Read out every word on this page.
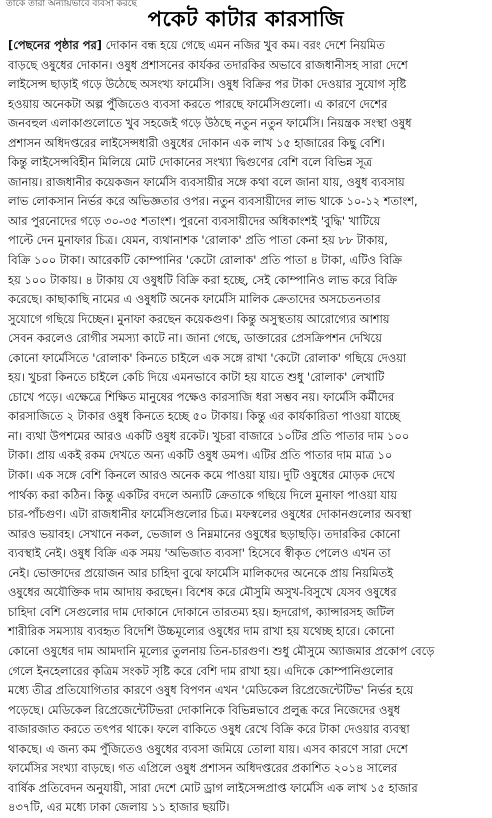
তাকে তারা অন্যায়ভাবে ব্যবসা করছে
পকেট কাটার কারসাজি
[পেছনের পৃষ্ঠার পর] দোকান বন্ধ হয়ে গেছে এমন নজির খুব কম। বরং দেশে নিয়মিত
বাড়ছে ওষুধের দোকান। ওষুধ প্রশাসনের কার্যকর তদারকির অভাবে রাজধানীসহ সারা দেশে
লাইসেন্স ছাড়াই গড়ে উঠেছে অসংখ্য ফার্মেসি। ওষুধ বিক্রির পর টাকা দেওয়ার সুযোগ সৃষ্টি
হওয়ায় অনেকটা অল্প পুঁজিতেও ব্যবসা করতে পারছে ফার্মেসিগুলো। এ কারণে দেশের
জনবহুল এলাকাগুলোতে খুব সহজেই গড়ে উঠছে নতুন নতুন ফার্মেসি। নিয়ন্ত্রক সংস্থা ওষুধ
প্রশাসন অধিদপ্তরের লাইসেন্সধারী ওষুধের দোকান এক লাখ ১৫ হাজারের কিছু বেশি।
কিন্তু লাইসেন্সবিহীন মিলিয়ে মোট দোকানের সংখ্যা দ্বিগুণের বেশি বলে বিভিন্ন সূত্র
জানায়। রাজধানীর কয়েকজন ফার্মেসি ব্যবসায়ীর সঙ্গে কথা বলে জানা যায়, ওষুধ ব্যবসায়
লাভ লোকসান নির্ভর করে অভিজ্ঞতার ওপর। নতুন ব্যবসায়ীদের লাভ থাকে ১০-১২ শতাংশ,
আর পুরনোদের গড়ে ৩০-৩৫ শতাংশ। পুরনো ব্যবসায়ীদের অধিকাংশই 'বুদ্ধি' খাটিয়ে
পাল্টে দেন মুনাফার চিত্র। যেমন, ব্যথানাশক 'রোলাক' প্রতি পাতা কেনা হয় ৮৮ টাকায়,
বিক্রি ১০০ টাকা। আরেকটি কোম্পানির 'কেটো রোলাক' প্রতি পাতা ৪ টাকা, এটিও বিক্রি
হয় ১০০ টাকায়। ৪ টাকায় যে ওষুধটি বিক্রি করা হচ্ছে, সেই কোম্পানিও লাভ করে বিক্রি
করেছে। কাছাকাছি নামের এ ওষুধটি অনেক ফার্মেসি মালিক ক্রেতাদের অসচেতনতার
সুযোগে গছিয়ে দিচ্ছেন। মুনাফা করছেন কয়েকগুণ। কিন্তু অসুস্থতায় আরোগ্যের আশায়
সেবন করলেও রোগীর সমস্যা কাটে না। জানা গেছে, ডাক্তারের প্রেসক্রিপশন দেখিয়ে
কোনো ফার্মেসিতে 'রোলাক' কিনতে চাইলে এক সঙ্গে রাখা 'কেটো রোলাক' গছিয়ে দেওয়া
হয়। খুচরা কিনতে চাইলে কেচি দিয়ে এমনভাবে কাটা হয় যাতে শুধু 'রোলাক' লেখাটি
চোখে পড়ে। এক্ষেত্রে শিক্ষিত মানুষের পক্ষেও কারসাজি ধরা সম্ভব নয়। ফার্মেসি কর্মীদের
কারসাজিতে ২ টাকার ওষুধ কিনতে হচ্ছে ৫০ টাকায়। কিন্তু এর কার্যকারিতা পাওয়া যাচ্ছে
না। ব্যথা উপশমের আরও একটি ওষুধ রকেট। খুচরা বাজারে ১০টির প্রতি পাতার দাম ১০০
টাকা। প্রায় একই রকম দেখতে অন্য একটি ওষুধ ডমপ। এটির প্রতি পাতার দাম মাত্র ১০
টাকা। এক সঙ্গে বেশি কিনলে আরও অনেক কমে পাওয়া যায়। দুটি ওষুধের মোড়ক দেখে
পার্থক্য করা কঠিন। কিন্তু একটির বদলে অন্যটি ক্রেতাকে গছিয়ে দিলে মুনাফা পাওয়া যায়
চার-পাঁচগুণ। এটা রাজধানীর ফার্মেসিগুলোর চিত্র। মফস্বলের ওষুধের দোকানগুলোর অবস্থা
আরও ভয়াবহ। সেখানে নকল, ভেজাল ও নিম্নমানের ওষুধের ছড়াছড়ি। তদারকির কোনো
ব্যবস্থাই নেই। ওষুধ বিক্রি এক সময় 'অভিজাত ব্যবসা' হিসেবে স্বীকৃত পেলেও এখন তা
নেই। ভোক্তাদের প্রয়োজন আর চাহিদা বুঝে ফার্মেসি মালিকদের অনেকে প্রায় নিয়মিতই
ওষুধের অযৌক্তিক দাম আদায় করছেন। বিশেষ করে মৌসুমি অসুখ-বিসুখে যেসব ওষুধের
চাহিদা বেশি সেগুলোর দাম দোকানে দোকানে তারতম্য হয়। হৃদরোগ, ক্যান্সারসহ জটিল
শারীরিক সমস্যায় ব্যবহৃত বিদেশি উচ্চমূল্যের ওষুধের দাম রাখা হয় যথেচ্ছ হারে। কোনো
কোনো ওষুধের দাম আমদানি মূল্যের তুলনায় তিন-চারগুণ। শুধু মৌসুমে অ্যাজমার প্রকোপ বেড়ে
গেলে ইনহেলারের কৃত্রিম সংকট সৃষ্টি করে বেশি দাম রাখা হয়। এদিকে কোম্পানিগুলোর
মধ্যে তীব্র প্রতিযোগিতার কারণে ওষুধ বিপণন এখন 'মেডিকেল রিপ্রেজেন্টেটিভ' নির্ভর হয়ে
পড়েছে। মেডিকেল রিপ্রেজেন্টেটিভরা দোকানিকে বিভিন্নভাবে প্রলুব্ধ করে নিজেদের ওষুধ
বাজারজাত করতে তৎপর থাকে। ফলে বাকিতে ওষুধ রেখে বিক্রি করে টাকা দেওয়ার ব্যবস্থা
থাকছে। এ জন্য কম পুঁজিতেও ওষুধের ব্যবসা জমিয়ে তোলা যায়। এসব কারণে সারা দেশে
ফার্মেসির সংখ্যা বাড়ছে। গত এপ্রিলে ওষুধ প্রশাসন অধিদপ্তরের প্রকাশিত ২০১৪ সালের
বার্ষিক প্রতিবেদন অনুযায়ী, সারা দেশে মোট ড্রাগ লাইসেন্সপ্রাপ্ত ফার্মেসি এক লাখ ১৫ হাজার
৪৩৭টি, এর মধ্যে ঢাকা জেলায় ১১ হাজার ছয়টি।
